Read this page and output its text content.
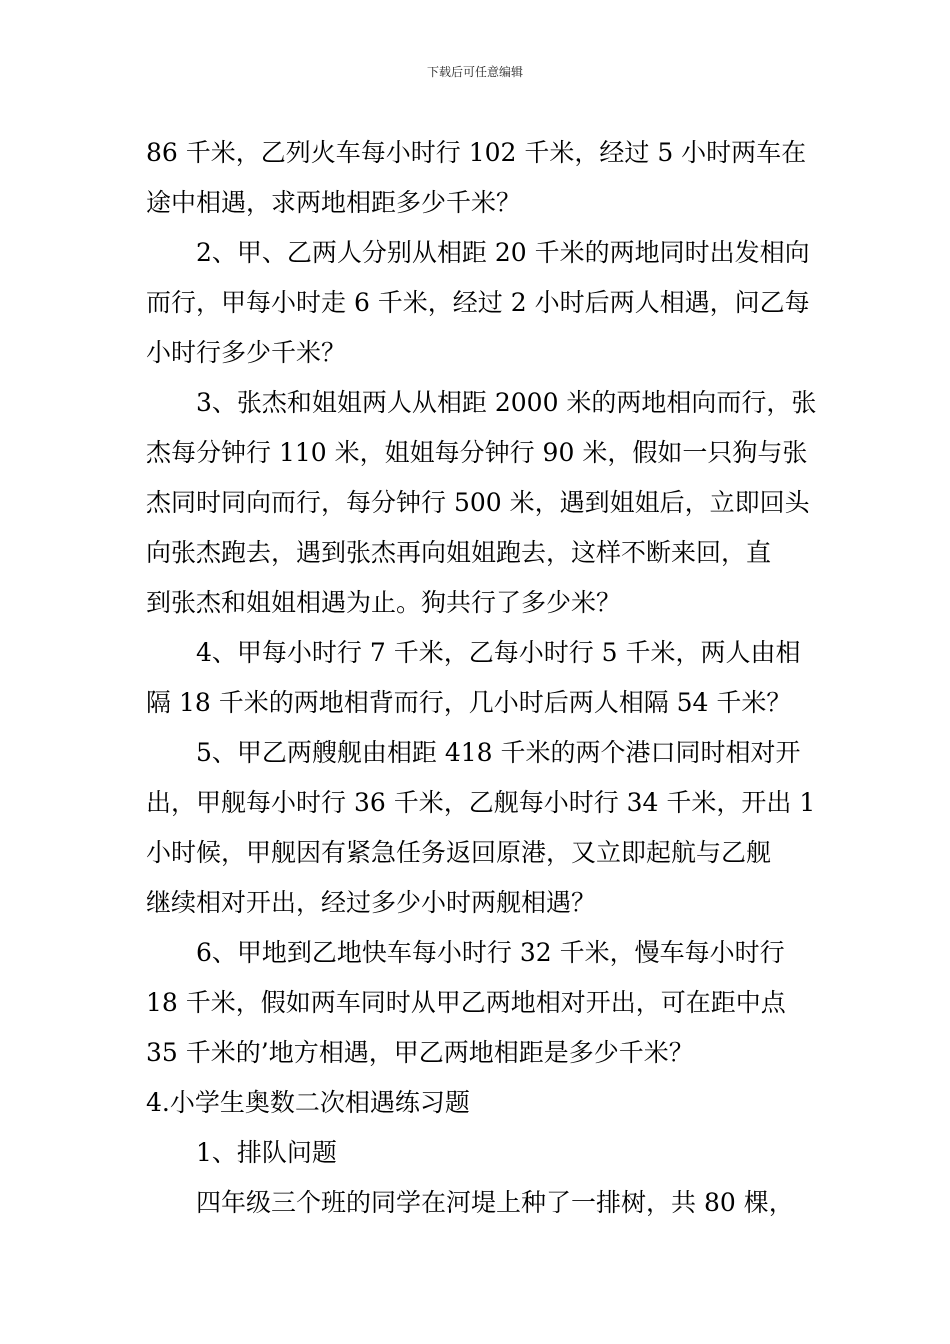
下载后可任意编辑
86 千米，乙列火车每小时行 102 千米，经过 5 小时两车在
途中相遇，求两地相距多少千米？
2、甲、乙两人分别从相距 20 千米的两地同时出发相向
而行，甲每小时走 6 千米，经过 2 小时后两人相遇，问乙每
小时行多少千米？
3、张杰和姐姐两人从相距 2000 米的两地相向而行，张
杰每分钟行 110 米，姐姐每分钟行 90 米，假如一只狗与张
杰同时同向而行，每分钟行 500 米，遇到姐姐后，立即回头
向张杰跑去，遇到张杰再向姐姐跑去，这样不断来回，直
到张杰和姐姐相遇为止。狗共行了多少米？
4、甲每小时行 7 千米，乙每小时行 5 千米，两人由相
隔 18 千米的两地相背而行，几小时后两人相隔 54 千米？
5、甲乙两艘舰由相距 418 千米的两个港口同时相对开
出，甲舰每小时行 36 千米，乙舰每小时行 34 千米，开出 1
小时候，甲舰因有紧急任务返回原港，又立即起航与乙舰
继续相对开出，经过多少小时两舰相遇？
6、甲地到乙地快车每小时行 32 千米，慢车每小时行
18 千米，假如两车同时从甲乙两地相对开出，可在距中点
35 千米的’地方相遇，甲乙两地相距是多少千米？
4.小学生奥数二次相遇练习题
1、排队问题
四年级三个班的同学在河堤上种了一排树，共 80 棵，
